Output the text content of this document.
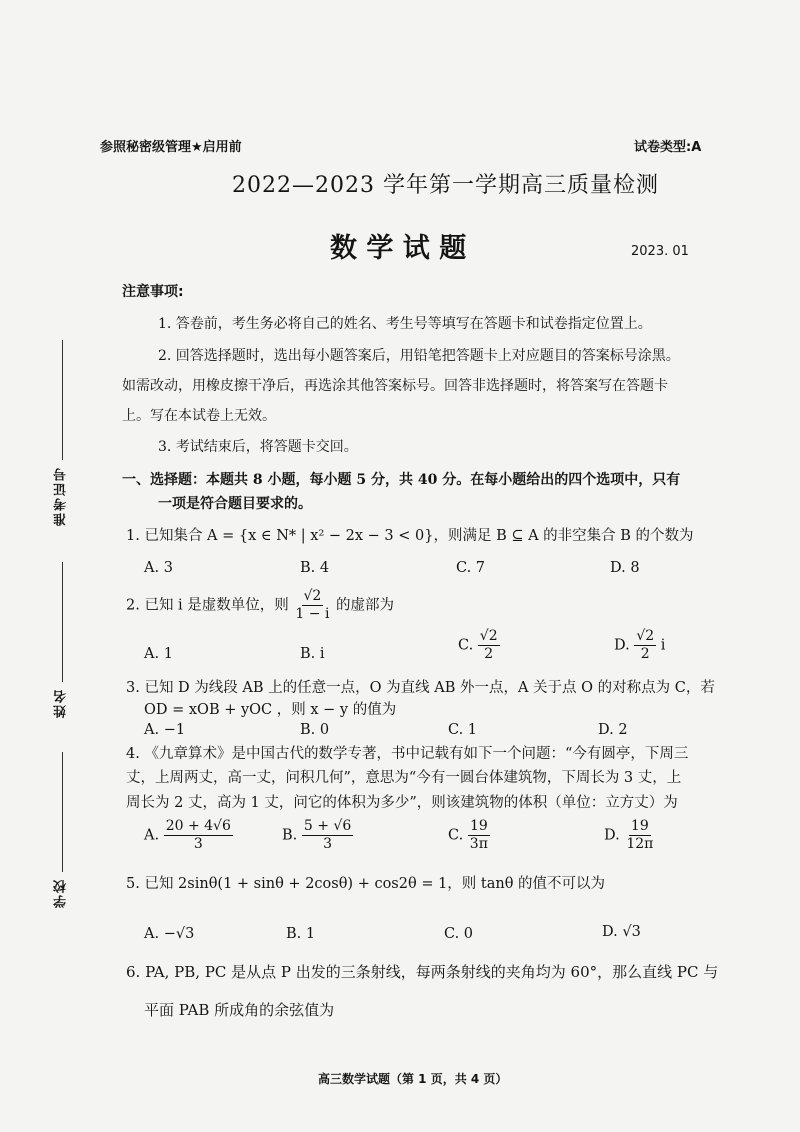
准考证号
姓名
学校
参照秘密级管理★启用前	试卷类型:A
2022—2023 学年第一学期高三质量检测
数 学 试 题	2023. 01
注意事项:
1. 答卷前，考生务必将自己的姓名、考生号等填写在答题卡和试卷指定位置上。
2. 回答选择题时，选出每小题答案后，用铅笔把答题卡上对应题目的答案标号涂黑。
如需改动，用橡皮擦干净后，再选涂其他答案标号。回答非选择题时，将答案写在答题卡
上。写在本试卷上无效。
3. 考试结束后，将答题卡交回。
一、选择题：本题共 8 小题，每小题 5 分，共 40 分。在每小题给出的四个选项中，只有
一项是符合题目要求的。
1. 已知集合 A = {x ∈ N* | x² − 2x − 3 < 0}，则满足 B ⊆ A 的非空集合 B 的个数为
A. 3	B. 4	C. 7	D. 8
2. 已知 i 是虚数单位，则 $\frac{√2}{1 - i}$ 的虚部为
A. 1	B. i
C. $\frac{√2}{2}$	D. $\frac{√2}{2}$ i
3. 已知 D 为线段 AB 上的任意一点，O 为直线 AB 外一点，A 关于点 O 的对称点为 C，若
OD = xOB + yOC ，则 x − y 的值为
A. −1	B. 0	C. 1	D. 2
4. 《九章算术》是中国古代的数学专著，书中记载有如下一个问题：“今有圆亭，下周三
丈，上周两丈，高一丈，问积几何”，意思为“今有一圆台体建筑物，下周长为 3 丈，上
周长为 2 丈，高为 1 丈，问它的体积为多少”，则该建筑物的体积（单位：立方丈）为
A. $\frac{20 + 4√6}{3}$	B. $\frac{5 + √6}{3}$	C. $\frac{19}{3\pi}$	D. $\frac{19}{12\pi}$
5. 已知 2sinθ(1 + sinθ + 2cosθ) + cos2θ = 1，则 tanθ 的值不可以为
A. −√3	B. 1	C. 0	D. √3
6. PA, PB, PC 是从点 P 出发的三条射线，每两条射线的夹角均为 60°，那么直线 PC 与
平面 PAB 所成角的余弦值为
高三数学试题（第 1 页，共 4 页）
